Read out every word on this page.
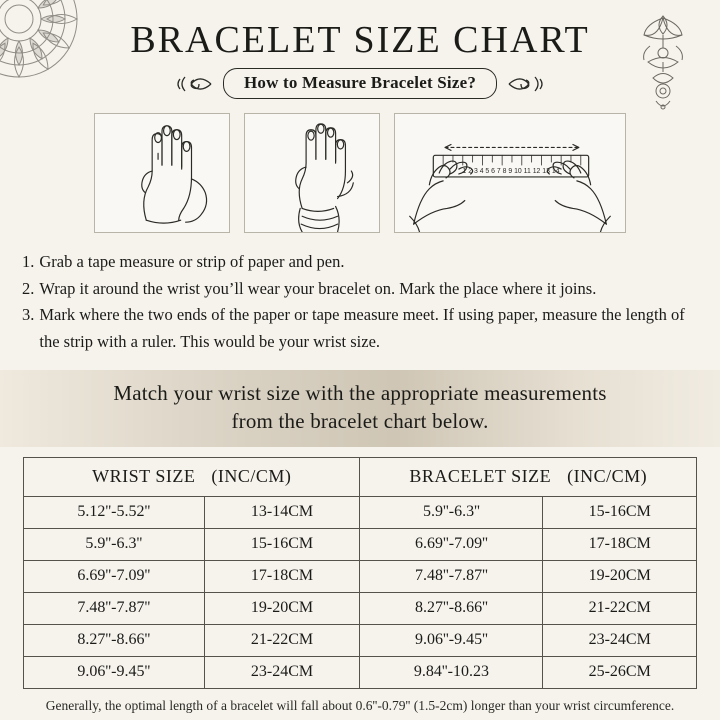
BRACELET SIZE CHART
How to Measure Bracelet Size?
1 2 3 4 5 6 7 8 9 10 11 12 13 14
1. Grab a tape measure or strip of paper and pen.
2. Wrap it around the wrist you’ll wear your bracelet on. Mark the place where it joins.
3. Mark where the two ends of the paper or tape measure meet. If using paper, measure the length of the strip with a ruler. This would be your wrist size.
Match your wrist size with the appropriate measurements
from the bracelet chart below.
WRIST SIZE (INC/CM)		BRACELET SIZE (INC/CM)	
5.12''-5.52''	13-14CM	5.9''-6.3''	15-16CM
5.9''-6.3''	15-16CM	6.69''-7.09''	17-18CM
6.69''-7.09''	17-18CM	7.48''-7.87''	19-20CM
7.48''-7.87''	19-20CM	8.27''-8.66''	21-22CM
8.27''-8.66''	21-22CM	9.06''-9.45''	23-24CM
9.06''-9.45''	23-24CM	9.84''-10.23	25-26CM
Generally, the optimal length of a bracelet will fall about 0.6''-0.79'' (1.5-2cm) longer than your wrist circumference.
